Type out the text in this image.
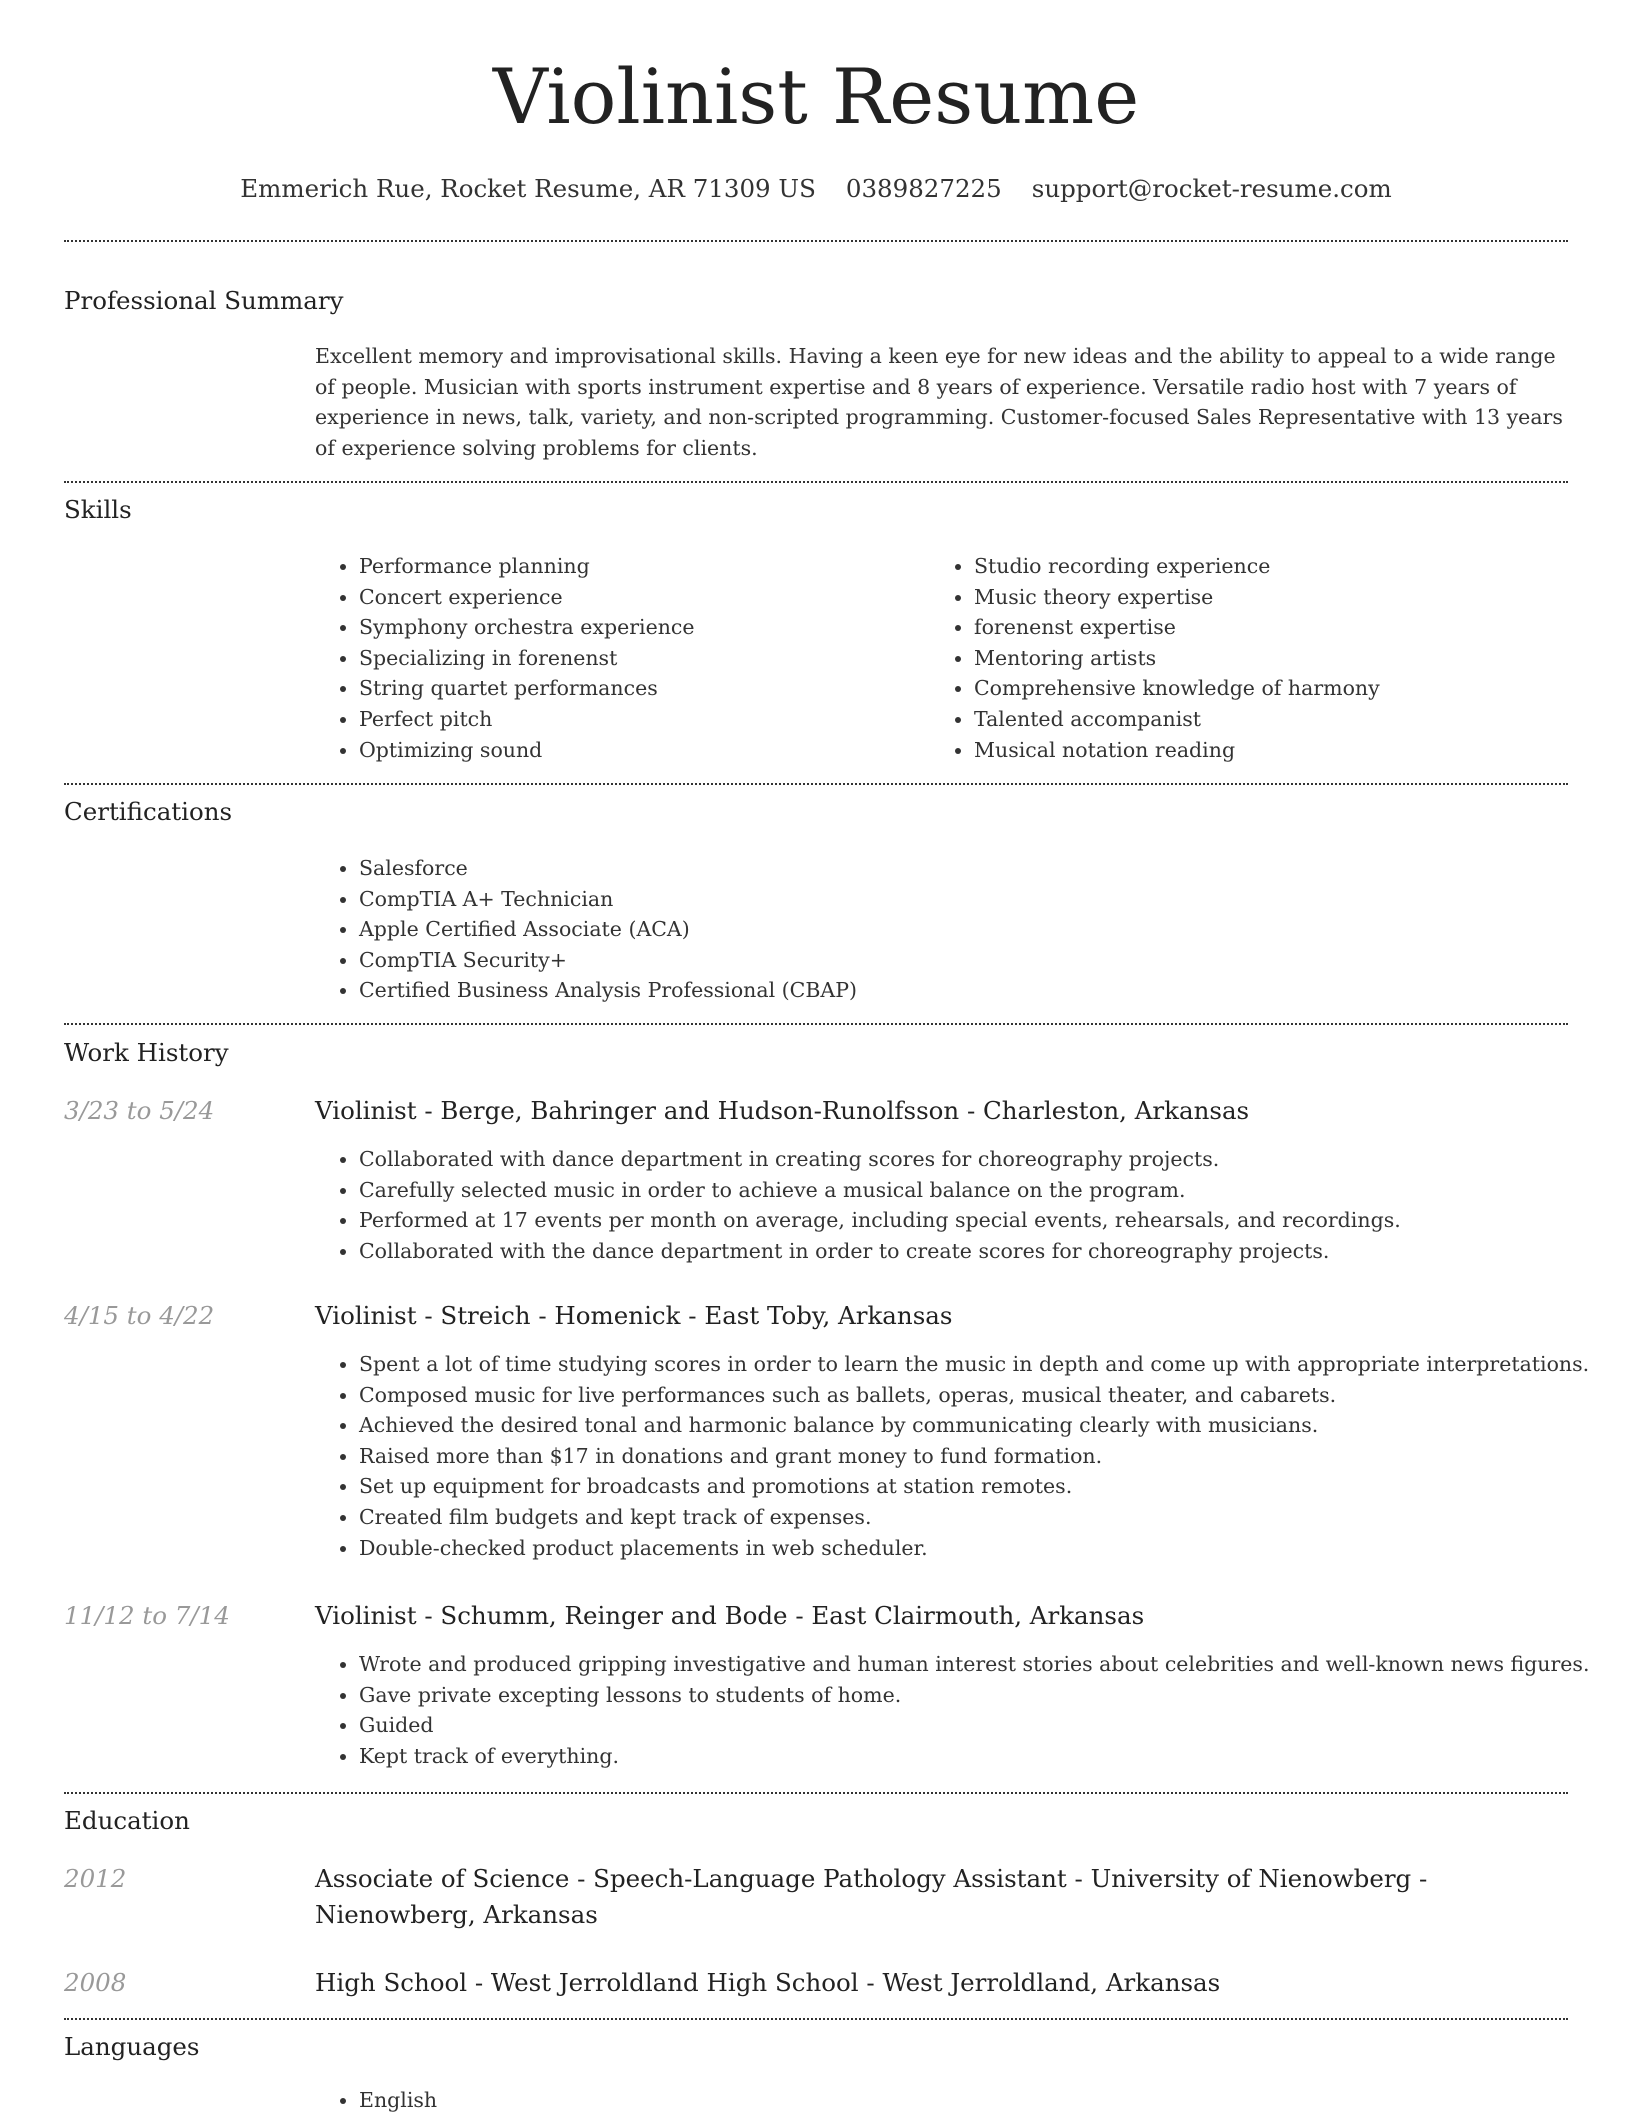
Violinist Resume
Emmerich Rue, Rocket Resume, AR 71309 US 0389827225 support@rocket-resume.com
Professional Summary

Excellent memory and improvisational skills. Having a keen eye for new ideas and the ability to appeal to a wide range of people. Musician with sports instrument expertise and 8 years of experience. Versatile radio host with 7 years of experience in news, talk, variety, and non-scripted programming. Customer-focused Sales Representative with 13 years of experience solving problems for clients.

Skills
• Performance planning
• Concert experience
• Symphony orchestra experience
• Specializing in forenenst
• String quartet performances
• Perfect pitch
• Optimizing sound
• Studio recording experience
• Music theory expertise
• forenenst expertise
• Mentoring artists
• Comprehensive knowledge of harmony
• Talented accompanist
• Musical notation reading
Certifications
• Salesforce
• CompTIA A+ Technician
• Apple Certified Associate (ACA)
• CompTIA Security+
• Certified Business Analysis Professional (CBAP)
Work History
3/23 to 5/24	Violinist - Berge, Bahringer and Hudson-Runolfsson - Charleston, Arkansas
• Collaborated with dance department in creating scores for choreography projects.
• Carefully selected music in order to achieve a musical balance on the program.
• Performed at 17 events per month on average, including special events, rehearsals, and recordings.
• Collaborated with the dance department in order to create scores for choreography projects.
4/15 to 4/22	Violinist - Streich - Homenick - East Toby, Arkansas
• Spent a lot of time studying scores in order to learn the music in depth and come up with appropriate interpretations.
• Composed music for live performances such as ballets, operas, musical theater, and cabarets.
• Achieved the desired tonal and harmonic balance by communicating clearly with musicians.
• Raised more than $17 in donations and grant money to fund formation.
• Set up equipment for broadcasts and promotions at station remotes.
• Created film budgets and kept track of expenses.
• Double-checked product placements in web scheduler.
11/12 to 7/14	Violinist - Schumm, Reinger and Bode - East Clairmouth, Arkansas
• Wrote and produced gripping investigative and human interest stories about celebrities and well-known news figures.
• Gave private excepting lessons to students of home.
• Guided
• Kept track of everything.
Education
2012	Associate of Science - Speech-Language Pathology Assistant - University of Nienowberg - Nienowberg, Arkansas
2008	High School - West Jerroldland High School - West Jerroldland, Arkansas
Languages
• English
